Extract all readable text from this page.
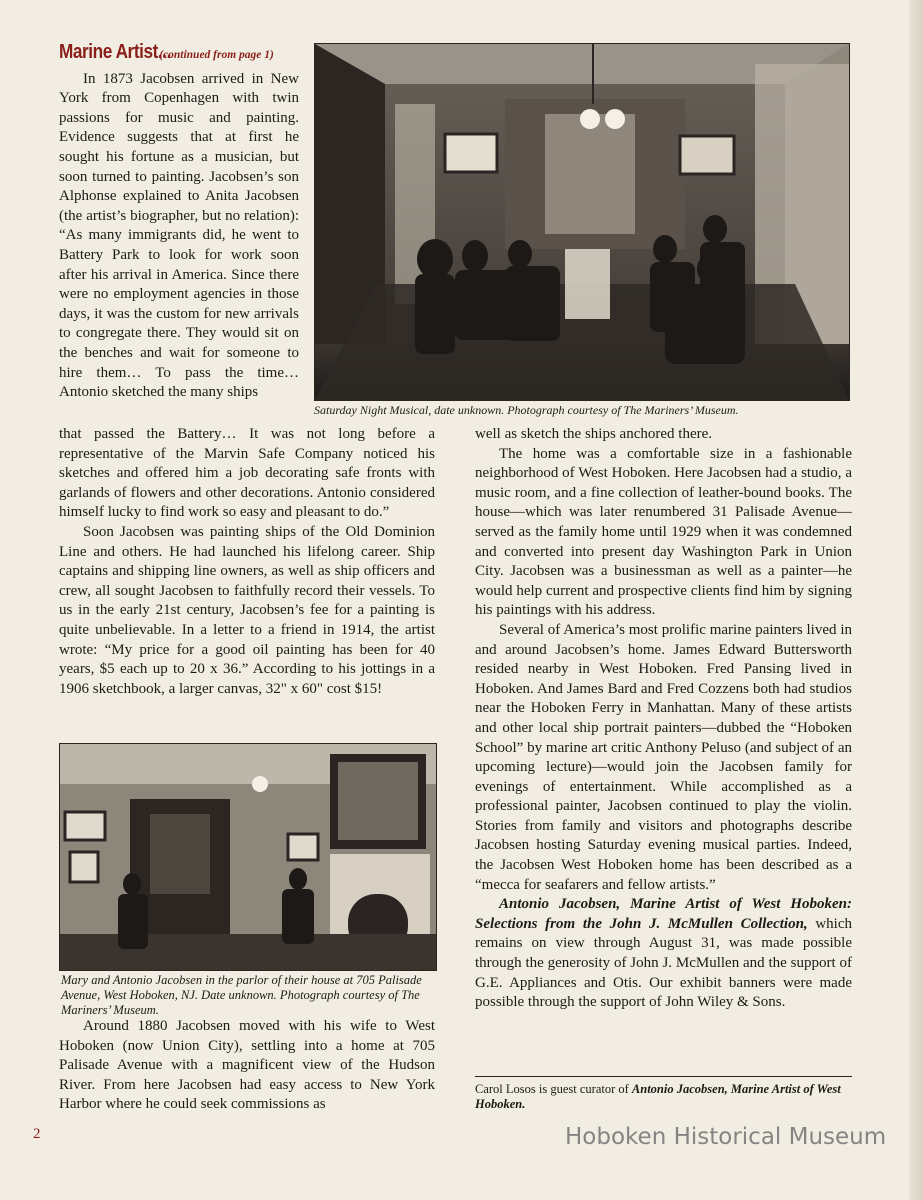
Marine Artist...(continued from page 1)

In 1873 Jacobsen arrived in New York from Copenhagen with twin passions for music and painting. Evidence suggests that at first he sought his fortune as a musician, but soon turned to painting. Jacobsen’s son Alphonse explained to Anita Jacobsen (the artist’s biographer, but no relation): “As many immigrants did, he went to Battery Park to look for work soon after his arrival in America. Since there were no employment agencies in those days, it was the custom for new arrivals to congregate there. They would sit on the benches and wait for someone to hire them… To pass the time… Antonio sketched the many ships

Saturday Night Musical, date unknown. Photograph courtesy of The Mariners’ Museum.

that passed the Battery… It was not long before a representative of the Marvin Safe Company noticed his sketches and offered him a job decorating safe fronts with garlands of flowers and other decorations. Antonio considered himself lucky to find work so easy and pleasant to do.”

Soon Jacobsen was painting ships of the Old Dominion Line and others. He had launched his lifelong career. Ship captains and shipping line owners, as well as ship officers and crew, all sought Jacobsen to faithfully record their vessels. To us in the early 21st century, Jacobsen’s fee for a painting is quite unbelievable. In a letter to a friend in 1914, the artist wrote: “My price for a good oil painting has been for 40 years, $5 each up to 20 x 36.” According to his jottings in a 1906 sketchbook, a larger canvas, 32" x 60" cost $15!

Mary and Antonio Jacobsen in the parlor of their house at 705 Palisade Avenue, West Hoboken, NJ. Date unknown. Photograph courtesy of The Mariners’ Museum.

Around 1880 Jacobsen moved with his wife to West Hoboken (now Union City), settling into a home at 705 Palisade Avenue with a magnificent view of the Hudson River. From here Jacobsen had easy access to New York Harbor where he could seek commissions as

well as sketch the ships anchored there.

The home was a comfortable size in a fashionable neighborhood of West Hoboken. Here Jacobsen had a studio, a music room, and a fine collection of leather-bound books. The house—which was later renumbered 31 Palisade Avenue—served as the family home until 1929 when it was condemned and converted into present day Washington Park in Union City. Jacobsen was a businessman as well as a painter—he would help current and prospective clients find him by signing his paintings with his address.

Several of America’s most prolific marine painters lived in and around Jacobsen’s home. James Edward Buttersworth resided nearby in West Hoboken. Fred Pansing lived in Hoboken. And James Bard and Fred Cozzens both had studios near the Hoboken Ferry in Manhattan. Many of these artists and other local ship portrait painters—dubbed the “Hoboken School” by marine art critic Anthony Peluso (and subject of an upcoming lecture)—would join the Jacobsen family for evenings of entertainment. While accomplished as a professional painter, Jacobsen continued to play the violin. Stories from family and visitors and photographs describe Jacobsen hosting Saturday evening musical parties. Indeed, the Jacobsen West Hoboken home has been described as a “mecca for seafarers and fellow artists.”

Antonio Jacobsen, Marine Artist of West Hoboken: Selections from the John J. McMullen Collection, which remains on view through August 31, was made possible through the generosity of John J. McMullen and the support of G.E. Appliances and Otis. Our exhibit banners were made possible through the support of John Wiley & Sons.

Carol Losos is guest curator of Antonio Jacobsen, Marine Artist of West Hoboken.
2	Hoboken Historical Museum
